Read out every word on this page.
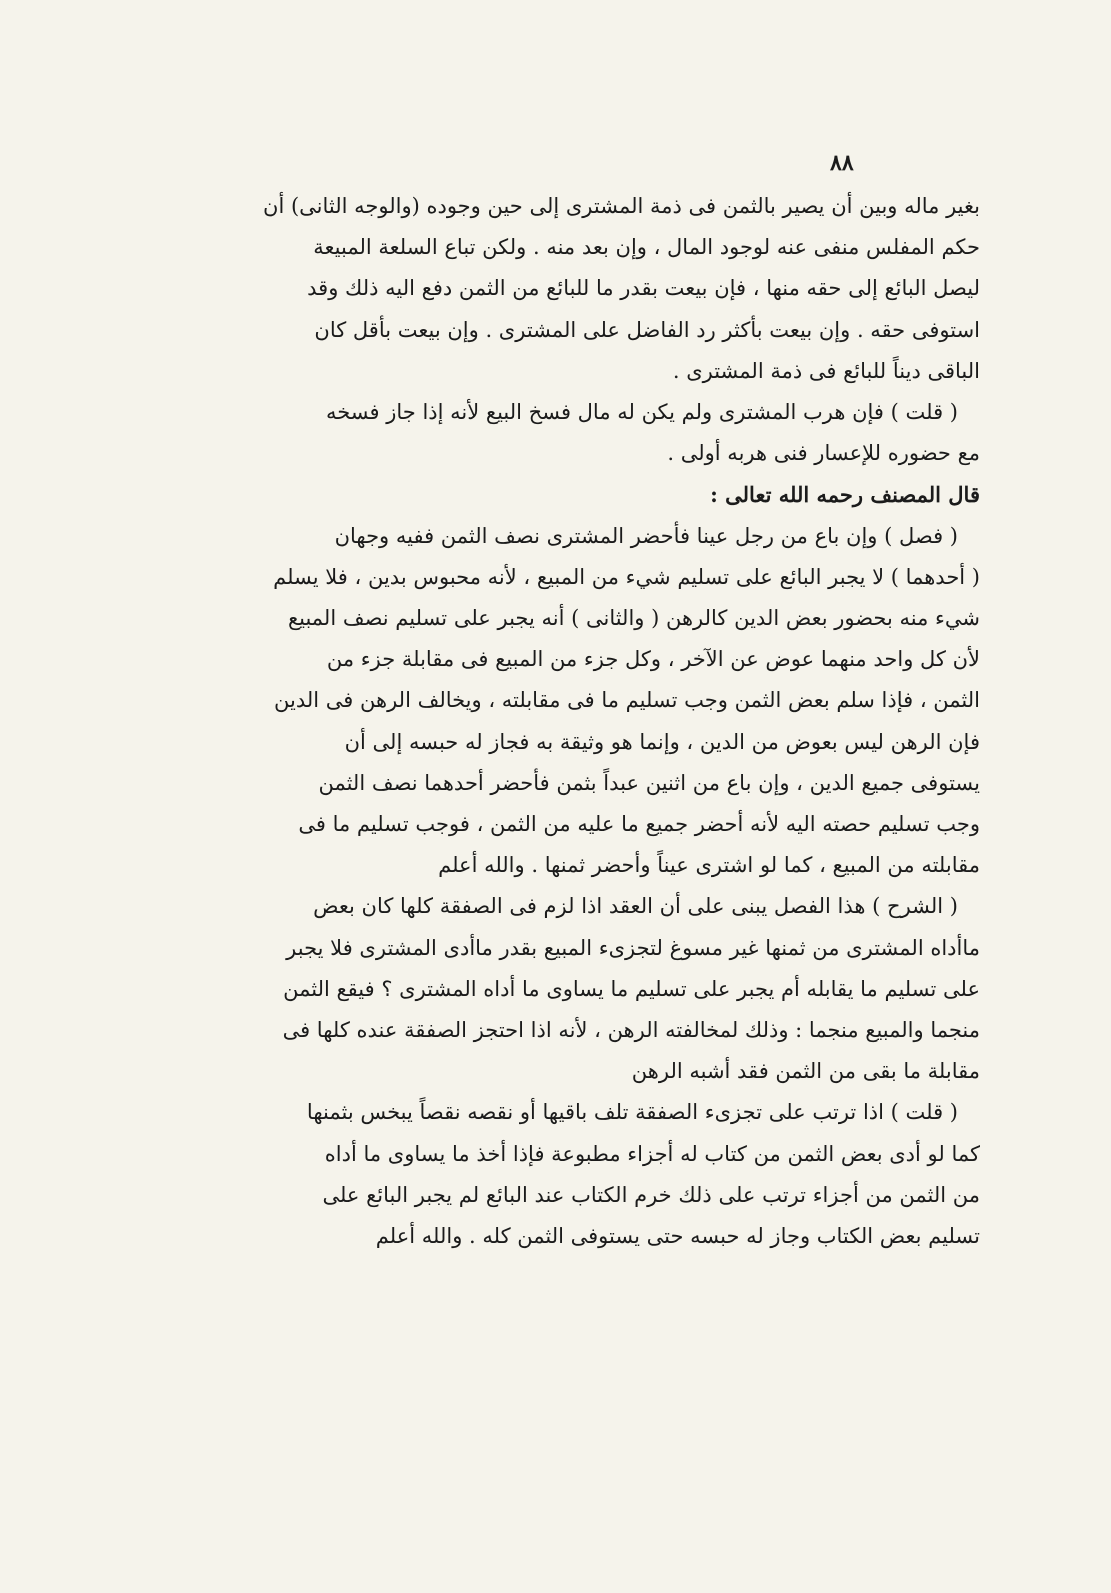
٨٨
بغير ماله وبين أن يصير بالثمن فى ذمة المشترى إلى حين وجوده (والوجه الثانى) أن
حكم المفلس منفى عنه لوجود المال ، وإن بعد منه . ولكن تباع السلعة المبيعة
ليصل البائع إلى حقه منها ، فإن بيعت بقدر ما للبائع من الثمن دفع اليه ذلك وقد
استوفى حقه . وإن بيعت بأكثر رد الفاضل على المشترى . وإن بيعت بأقل كان
الباقى ديناً للبائع فى ذمة المشترى .
( قلت ) فإن هرب المشترى ولم يكن له مال فسخ البيع لأنه إذا جاز فسخه
مع حضوره للإعسار فنى هربه أولى .
قال المصنف رحمه الله تعالى :
( فصل ) وإن باع من رجل عينا فأحضر المشترى نصف الثمن ففيه وجهان
( أحدهما ) لا يجبر البائع على تسليم شيء من المبيع ، لأنه محبوس بدين ، فلا يسلم
شيء منه بحضور بعض الدين كالرهن ( والثانى ) أنه يجبر على تسليم نصف المبيع
لأن كل واحد منهما عوض عن الآخر ، وكل جزء من المبيع فى مقابلة جزء من
الثمن ، فإذا سلم بعض الثمن وجب تسليم ما فى مقابلته ، ويخالف الرهن فى الدين
فإن الرهن ليس بعوض من الدين ، وإنما هو وثيقة به فجاز له حبسه إلى أن
يستوفى جميع الدين ، وإن باع من اثنين عبداً بثمن فأحضر أحدهما نصف الثمن
وجب تسليم حصته اليه لأنه أحضر جميع ما عليه من الثمن ، فوجب تسليم ما فى
مقابلته من المبيع ، كما لو اشترى عيناً وأحضر ثمنها . والله أعلم
( الشرح ) هذا الفصل يبنى على أن العقد اذا لزم فى الصفقة كلها كان بعض
ماأداه المشترى من ثمنها غير مسوغ لتجزىء المبيع بقدر ماأدى المشترى فلا يجبر
على تسليم ما يقابله أم يجبر على تسليم ما يساوى ما أداه المشترى ؟ فيقع الثمن
منجما والمبيع منجما : وذلك لمخالفته الرهن ، لأنه اذا احتجز الصفقة عنده كلها فى
مقابلة ما بقى من الثمن فقد أشبه الرهن
( قلت ) اذا ترتب على تجزىء الصفقة تلف باقيها أو نقصه نقصاً يبخس بثمنها
كما لو أدى بعض الثمن من كتاب له أجزاء مطبوعة فإذا أخذ ما يساوى ما أداه
من الثمن من أجزاء ترتب على ذلك خرم الكتاب عند البائع لم يجبر البائع على
تسليم بعض الكتاب وجاز له حبسه حتى يستوفى الثمن كله . والله أعلم
